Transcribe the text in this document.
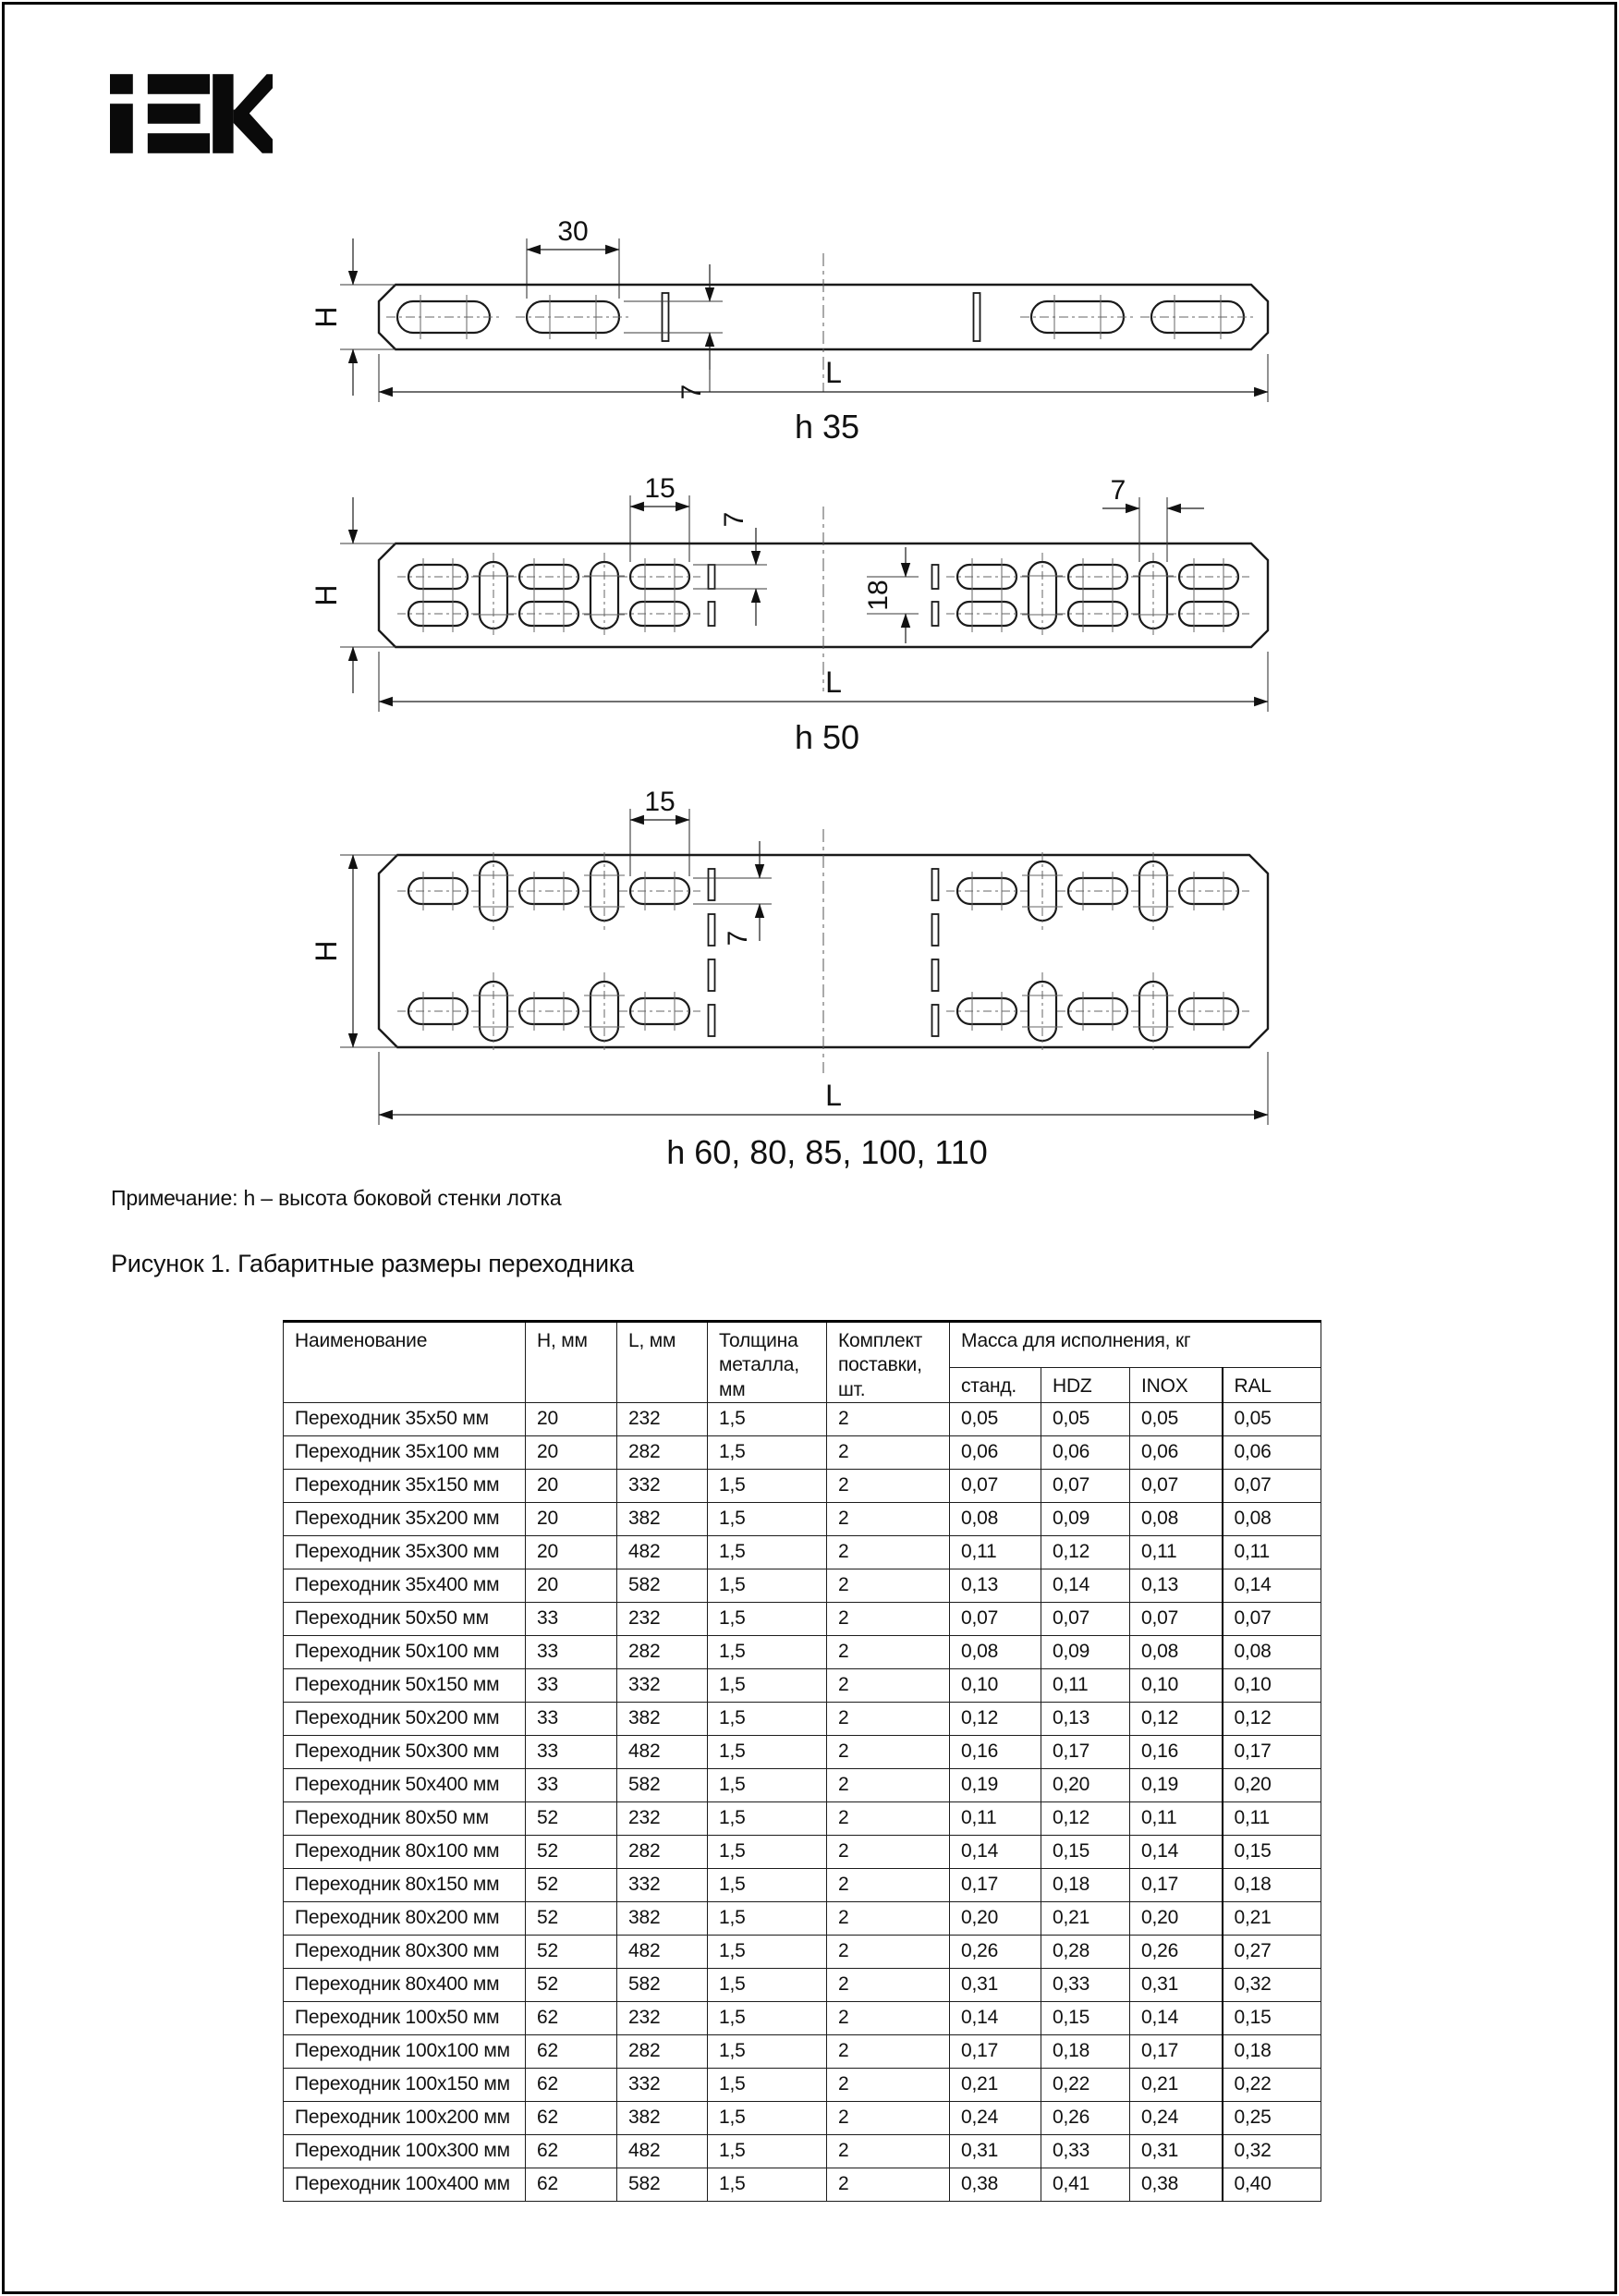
30
7
H
L
h 35
15
7
7
18
H
L
h 50
15
7
H
L
h 60, 80, 85, 100, 110
Примечание: h – высота боковой стенки лотка
Рисунок 1. Габаритные размеры переходника
Наименование	H, мм	L, мм	Толщина металла, мм	Комплект поставки, шт.	Масса для исполнения, кг			
					станд.	HDZ	INOX	RAL
Переходник 35х50 мм	20	232	1,5	2	0,05	0,05	0,05	0,05
Переходник 35х100 мм	20	282	1,5	2	0,06	0,06	0,06	0,06
Переходник 35х150 мм	20	332	1,5	2	0,07	0,07	0,07	0,07
Переходник 35х200 мм	20	382	1,5	2	0,08	0,09	0,08	0,08
Переходник 35х300 мм	20	482	1,5	2	0,11	0,12	0,11	0,11
Переходник 35х400 мм	20	582	1,5	2	0,13	0,14	0,13	0,14
Переходник 50х50 мм	33	232	1,5	2	0,07	0,07	0,07	0,07
Переходник 50х100 мм	33	282	1,5	2	0,08	0,09	0,08	0,08
Переходник 50х150 мм	33	332	1,5	2	0,10	0,11	0,10	0,10
Переходник 50х200 мм	33	382	1,5	2	0,12	0,13	0,12	0,12
Переходник 50х300 мм	33	482	1,5	2	0,16	0,17	0,16	0,17
Переходник 50х400 мм	33	582	1,5	2	0,19	0,20	0,19	0,20
Переходник 80х50 мм	52	232	1,5	2	0,11	0,12	0,11	0,11
Переходник 80х100 мм	52	282	1,5	2	0,14	0,15	0,14	0,15
Переходник 80х150 мм	52	332	1,5	2	0,17	0,18	0,17	0,18
Переходник 80х200 мм	52	382	1,5	2	0,20	0,21	0,20	0,21
Переходник 80х300 мм	52	482	1,5	2	0,26	0,28	0,26	0,27
Переходник 80х400 мм	52	582	1,5	2	0,31	0,33	0,31	0,32
Переходник 100х50 мм	62	232	1,5	2	0,14	0,15	0,14	0,15
Переходник 100х100 мм	62	282	1,5	2	0,17	0,18	0,17	0,18
Переходник 100х150 мм	62	332	1,5	2	0,21	0,22	0,21	0,22
Переходник 100х200 мм	62	382	1,5	2	0,24	0,26	0,24	0,25
Переходник 100х300 мм	62	482	1,5	2	0,31	0,33	0,31	0,32
Переходник 100х400 мм	62	582	1,5	2	0,38	0,41	0,38	0,40
